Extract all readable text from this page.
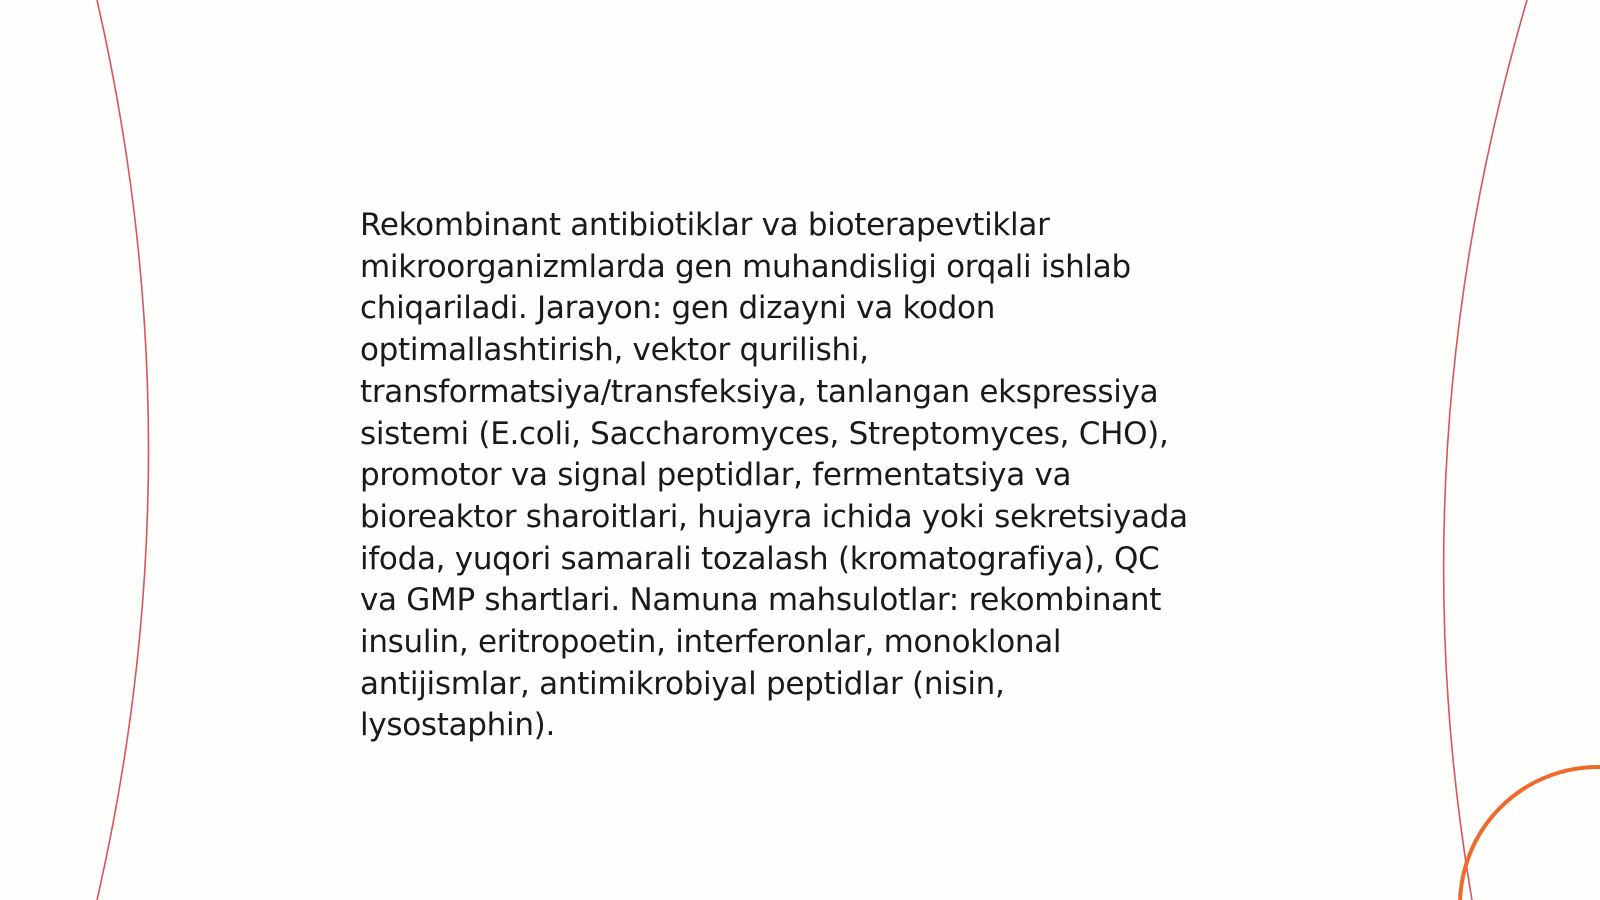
Rekombinant antibiotiklar va bioterapevtiklar
mikroorganizmlarda gen muhandisligi orqali ishlab
chiqariladi. Jarayon: gen dizayni va kodon
optimallashtirish, vektor qurilishi,
transformatsiya/transfeksiya, tanlangan ekspressiya
sistemi (E.coli, Saccharomyces, Streptomyces, CHO),
promotor va signal peptidlar, fermentatsiya va
bioreaktor sharoitlari, hujayra ichida yoki sekretsiyada
ifoda, yuqori samarali tozalash (kromatografiya), QC
va GMP shartlari. Namuna mahsulotlar: rekombinant
insulin, eritropoetin, interferonlar, monoklonal
antijismlar, antimikrobiyal peptidlar (nisin,
lysostaphin).
